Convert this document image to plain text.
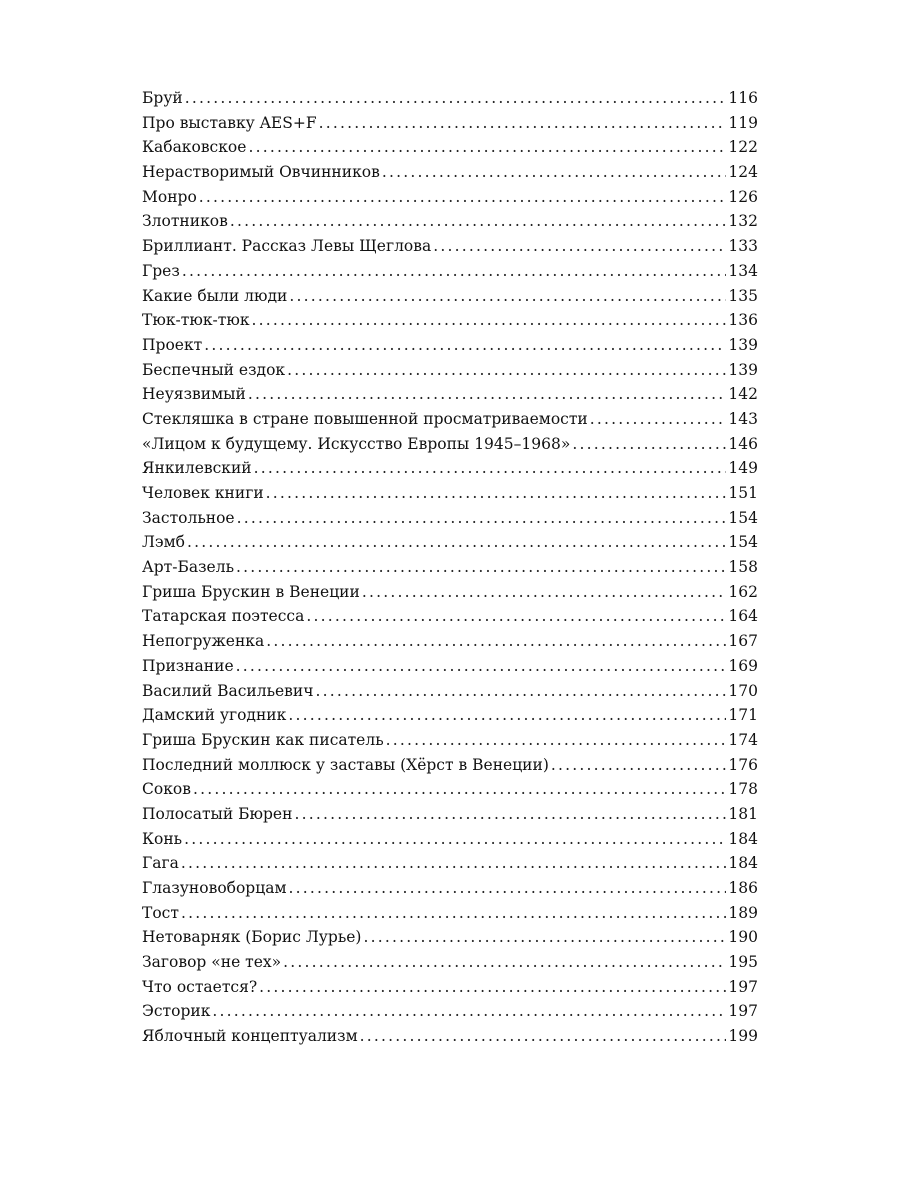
Бруй .....	116
Про выставку AES+F .....	119
Кабаковское .....	122
Нерастворимый Овчинников .....	124
Монро .....	126
Злотников .....	132
Бриллиант. Рассказ Левы Щеглова .....	133
Грез .....	134
Какие были люди .....	135
Тюк-тюк-тюк .....	136
Проект .....	139
Беспечный ездок .....	139
Неуязвимый .....	142
Стекляшка в стране повышенной просматриваемости .....	143
«Лицом к будущему. Искусство Европы 1945–1968» .....	146
Янкилевский .....	149
Человек книги .....	151
Застольное .....	154
Лэмб .....	154
Арт-Базель .....	158
Гриша Брускин в Венеции .....	162
Татарская поэтесса .....	164
Непогруженка .....	167
Признание .....	169
Василий Васильевич .....	170
Дамский угодник .....	171
Гриша Брускин как писатель .....	174
Последний моллюск у заставы (Хёрст в Венеции) .....	176
Соков .....	178
Полосатый Бюрен .....	181
Конь .....	184
Гага .....	184
Глазуновоборцам .....	186
Тост .....	189
Нетоварняк (Борис Лурье) .....	190
Заговор «не тех» .....	195
Что остается? .....	197
Эсторик .....	197
Яблочный концептуализм .....	199
